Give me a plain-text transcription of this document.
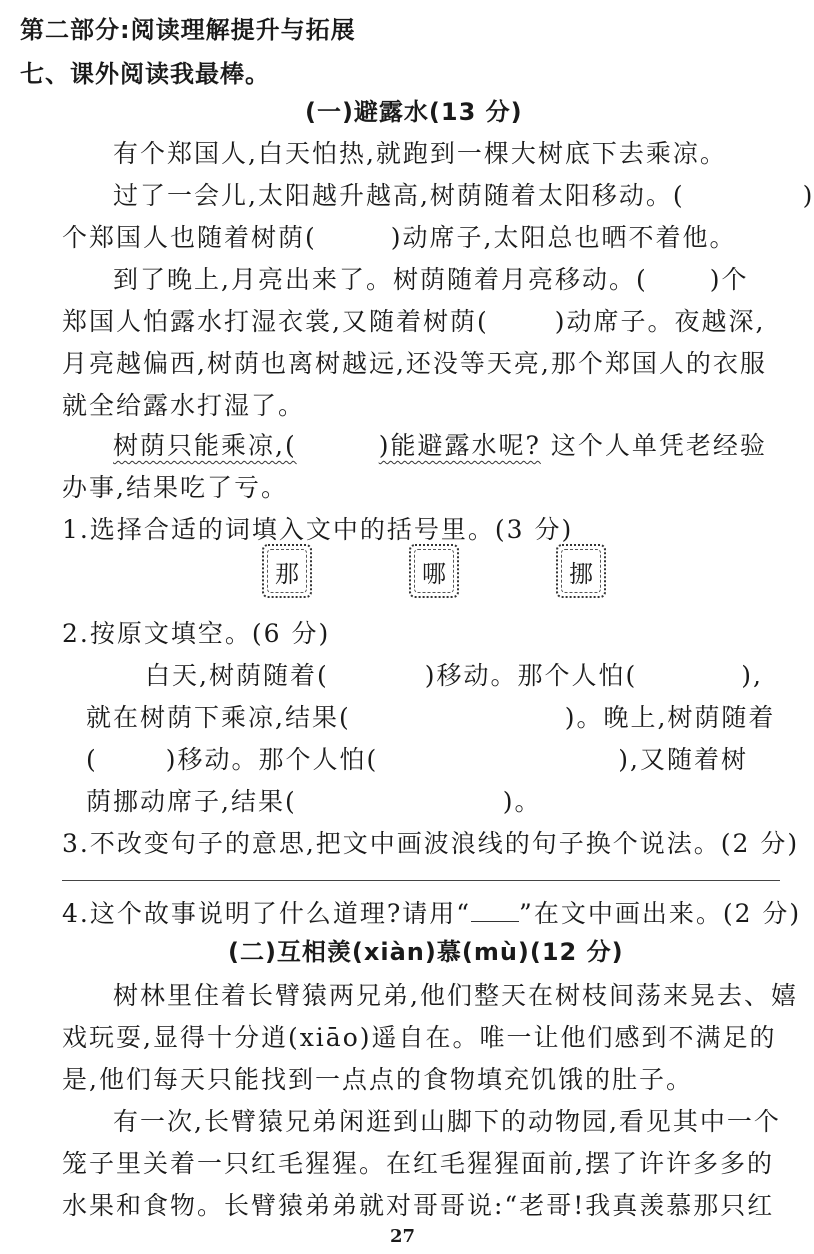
第二部分:阅读理解提升与拓展
七、课外阅读我最棒。
(一)避露水(13 分)
有个郑国人,白天怕热,就跑到一棵大树底下去乘凉。
过了一会儿,太阳越升越高,树荫随着太阳移动。(	)
个郑国人也随着树荫(	)动席子,太阳总也晒不着他。
到了晚上,月亮出来了。树荫随着月亮移动。( )个
郑国人怕露水打湿衣裳,又随着树荫(	)动席子。夜越深,
月亮越偏西,树荫也离树越远,还没等天亮,那个郑国人的衣服
就全给露水打湿了。
树荫只能乘凉,(	)能避露水呢? 这个人单凭老经验
办事,结果吃了亏。
1.选择合适的词填入文中的括号里。(3 分)
那	哪	挪
2.按原文填空。(6 分)
白天,树荫随着(	)移动。那个人怕(	),
就在树荫下乘凉,结果(	)。晚上,树荫随着
(	)移动。那个人怕(	),又随着树
荫挪动席子,结果(	)。
3.不改变句子的意思,把文中画波浪线的句子换个说法。(2 分)
4.这个故事说明了什么道理?请用“ ”在文中画出来。(2 分)
(二)互相羡(xiàn)慕(mù)(12 分)
树林里住着长臂猿两兄弟,他们整天在树枝间荡来晃去、嬉
戏玩耍,显得十分逍(xiāo)遥自在。唯一让他们感到不满足的
是,他们每天只能找到一点点的食物填充饥饿的肚子。
有一次,长臂猿兄弟闲逛到山脚下的动物园,看见其中一个
笼子里关着一只红毛猩猩。在红毛猩猩面前,摆了许许多多的
水果和食物。长臂猿弟弟就对哥哥说:“老哥!我真羡慕那只红
27
